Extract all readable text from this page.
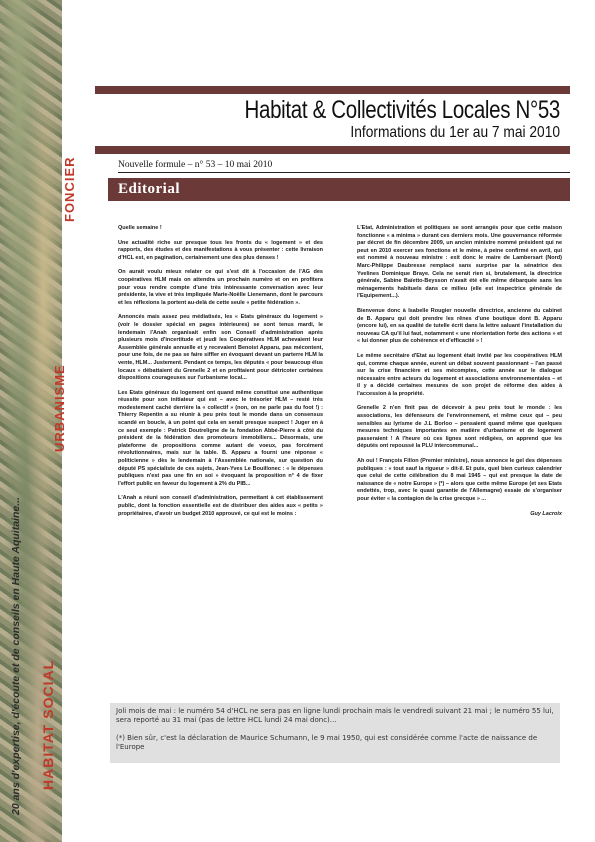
FONCIER
URBANISME
HABITAT SOCIAL
20 ans d'expertise, d'écoute et de conseils en Haute Aquitaine...
Habitat & Collectivités Locales N°53
Informations du 1er au 7 mai 2010
Nouvelle formule – n° 53 – 10 mai 2010
Editorial

Quelle semaine !

Une actualité riche sur presque tous les fronts du « logement » et des rapports, des études et des manifestations à vous présenter : cette livraison d'HCL est, en pagination, certainement une des plus denses !

On aurait voulu mieux relater ce qui s'est dit à l'occasion de l'AG des coopératives HLM mais on attendra un prochain numéro et on en profitera pour vous rendre compte d'une très intéressante conversation avec leur présidente, la vive et très impliquée Marie-Noëlle Lienemann, dont le parcours et les réflexions la portent au-delà de cette seule « petite fédération ».

Annoncés mais assez peu médiatisés, les « Etats généraux du logement » (voir le dossier spécial en pages intérieures) se sont tenus mardi, le lendemain l'Anah organisait enfin son Conseil d'administration après plusieurs mois d'incertitude et jeudi les Coopératives HLM achevaient leur Assemblée générale annuelle et y recevaient Benoist Apparu, pas mécontent, pour une fois, de ne pas se faire siffler en évoquant devant un parterre HLM la vente, HLM... Justement. Pendant ce temps, les députés « pour beaucoup élus locaux » débattaient du Grenelle 2 et en profitaient pour détricoter certaines dispositions courageuses sur l'urbanisme local...

Les Etats généraux du logement ont quand même constitué une authentique réussite pour son initiateur qui est – avec le trésorier HLM – resté très modestement caché derrière la « collectif » (non, on ne parle pas du foot !) : Thierry Repentin a su réunir à peu près tout le monde dans un consensus scandé en boucle, à un point qui cela en serait presque suspect ! Juger en à ce seul exemple : Patrick Doutreligne de la fondation Abbé-Pierre à côté du président de la fédération des promoteurs immobiliers... Désormais, une plateforme de propositions comme autant de voeux, pas forcément révolutionnaires, mais sur la table. B. Apparu a fourni une réponse « politicienne » dès le lendemain à l'Assemblée nationale, sur question du député PS spécialiste de ces sujets, Jean-Yves Le Bouillonec : « le dépenses publiques n'est pas une fin en soi » évoquant la proposition n° 4 de fixer l'effort public en faveur du logement à 2% du PIB...

L'Anah a réuni son conseil d'administration, permettant à cet établissement public, dont la fonction essentielle est de distribuer des aides aux « petits » propriétaires, d'avoir un budget 2010 approuvé, ce qui est le moins :

L'Etat, Administration et politiques se sont arrangés pour que cette maison fonctionne « a minima » durant ces derniers mois. Une gouvernance réformée par décret de fin décembre 2009, un ancien ministre nommé président qui ne peut en 2010 exercer ses fonctions et le mène, à peine confirmé en avril, qui est nommé à nouveau ministre : exit donc le maire de Lambersart (Nord) Marc-Philippe Daubresse remplacé sans surprise par la sénatrice des Yvelines Dominique Braye. Cela ne serait rien si, brutalement, la directrice générale, Sabine Baïetto-Beysson n'avait été elle même débarquée sans les ménagements habituels dans ce milieu (elle est inspectrice générale de l'Equipement...).

Bienvenue donc à Isabelle Rougier nouvelle directrice, ancienne du cabinet de B. Apparu qui doit prendre les rênes d'une boutique dont B. Apparu (encore lui), en sa qualité de tutelle écrit dans la lettre saluant l'installation du nouveau CA qu'il lui faut, notamment « une réorientation forte des actions » et « lui donner plus de cohérence et d'efficacité » !

Le même secrétaire d'Etat au logement était invité par les coopératives HLM qui, comme chaque année, eurent un débat souvent passionnant – l'an passé sur la crise financière et ses mécomptes, cette année sur le dialogue nécessaire entre acteurs du logement et associations environnementales – et il y a décidé certaines mesures de son projet de réforme des aides à l'accession à la propriété.

Grenelle 2 n'en finit pas de décevoir à peu près tout le monde : les associations, les défenseurs de l'environnement, et même ceux qui – peu sensibles au lyrisme de J.L Borloo – pensaient quand même que quelques mesures techniques importantes en matière d'urbanisme et de logement passeraient ! A l'heure où ces lignes sont rédigées, on apprend que les députés ont repoussé la PLU intercommunal...

Ah oui ! François Fillon (Premier ministre), nous annonce le gel des dépenses publiques : « tout sauf la rigueur » dit-il. Et puis, quel bien curieux calendrier que celui de cette célébration du 8 mai 1945 – qui est presque la date de naissance de « notre Europe » (*) – alors que cette même Europe (et ses Etats endettés, trop, avec le quasi garantie de l'Allemagne) essaie de s'organiser pour éviter « la contagion de la crise grecque » ...

Guy Lacroix

Joli mois de mai : le numéro 54 d'HCL ne sera pas en ligne lundi prochain mais le vendredi suivant 21 mai ; le numéro 55 lui, sera reporté au 31 mai (pas de lettre HCL lundi 24 mai donc)…

(*) Bien sûr, c'est la déclaration de Maurice Schumann, le 9 mai 1950, qui est considérée comme l'acte de naissance de l'Europe
